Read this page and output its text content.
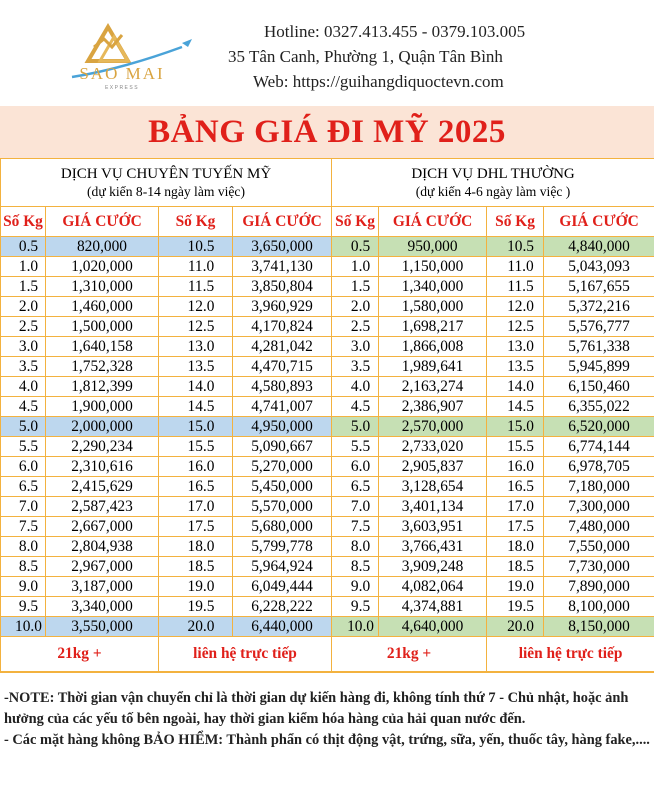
SAO MAI
EXPRESS
Hotline: 0327.413.455 - 0379.103.005
35 Tân Canh, Phường 1, Quận Tân Bình
Web: https://guihangdiquoctevn.com
BẢNG GIÁ ĐI MỸ 2025
DỊCH VỤ CHUYÊN TUYẾN MỸ
(dự kiến 8-14 ngày làm việc)				DỊCH VỤ DHL THƯỜNG
(dự kiến 4-6 ngày làm việc )			

Số Kg	GIÁ CƯỚC	Số Kg	GIÁ CƯỚC	Số Kg	GIÁ CƯỚC	Số Kg	GIÁ CƯỚC
0.5	820,000	10.5	3,650,000	0.5	950,000	10.5	4,840,000
1.0	1,020,000	11.0	3,741,130	1.0	1,150,000	11.0	5,043,093
1.5	1,310,000	11.5	3,850,804	1.5	1,340,000	11.5	5,167,655
2.0	1,460,000	12.0	3,960,929	2.0	1,580,000	12.0	5,372,216
2.5	1,500,000	12.5	4,170,824	2.5	1,698,217	12.5	5,576,777
3.0	1,640,158	13.0	4,281,042	3.0	1,866,008	13.0	5,761,338
3.5	1,752,328	13.5	4,470,715	3.5	1,989,641	13.5	5,945,899
4.0	1,812,399	14.0	4,580,893	4.0	2,163,274	14.0	6,150,460
4.5	1,900,000	14.5	4,741,007	4.5	2,386,907	14.5	6,355,022
5.0	2,000,000	15.0	4,950,000	5.0	2,570,000	15.0	6,520,000
5.5	2,290,234	15.5	5,090,667	5.5	2,733,020	15.5	6,774,144
6.0	2,310,616	16.0	5,270,000	6.0	2,905,837	16.0	6,978,705
6.5	2,415,629	16.5	5,450,000	6.5	3,128,654	16.5	7,180,000
7.0	2,587,423	17.0	5,570,000	7.0	3,401,134	17.0	7,300,000
7.5	2,667,000	17.5	5,680,000	7.5	3,603,951	17.5	7,480,000
8.0	2,804,938	18.0	5,799,778	8.0	3,766,431	18.0	7,550,000
8.5	2,967,000	18.5	5,964,924	8.5	3,909,248	18.5	7,730,000
9.0	3,187,000	19.0	6,049,444	9.0	4,082,064	19.0	7,890,000
9.5	3,340,000	19.5	6,228,222	9.5	4,374,881	19.5	8,100,000
10.0	3,550,000	20.0	6,440,000	10.0	4,640,000	20.0	8,150,000
21kg +		liên hệ trực tiếp		21kg +		liên hệ trực tiếp	
-NOTE: Thời gian vận chuyển chỉ là thời gian dự kiến hàng đi, không tính thứ 7 - Chủ nhật, hoặc ảnh hưởng của các yếu tố bên ngoài, hay thời gian kiểm hóa hàng của hải quan nước đến.
- Các mặt hàng không BẢO HIỂM: Thành phẩn có thịt động vật, trứng, sữa, yến, thuốc tây, hàng fake,....
